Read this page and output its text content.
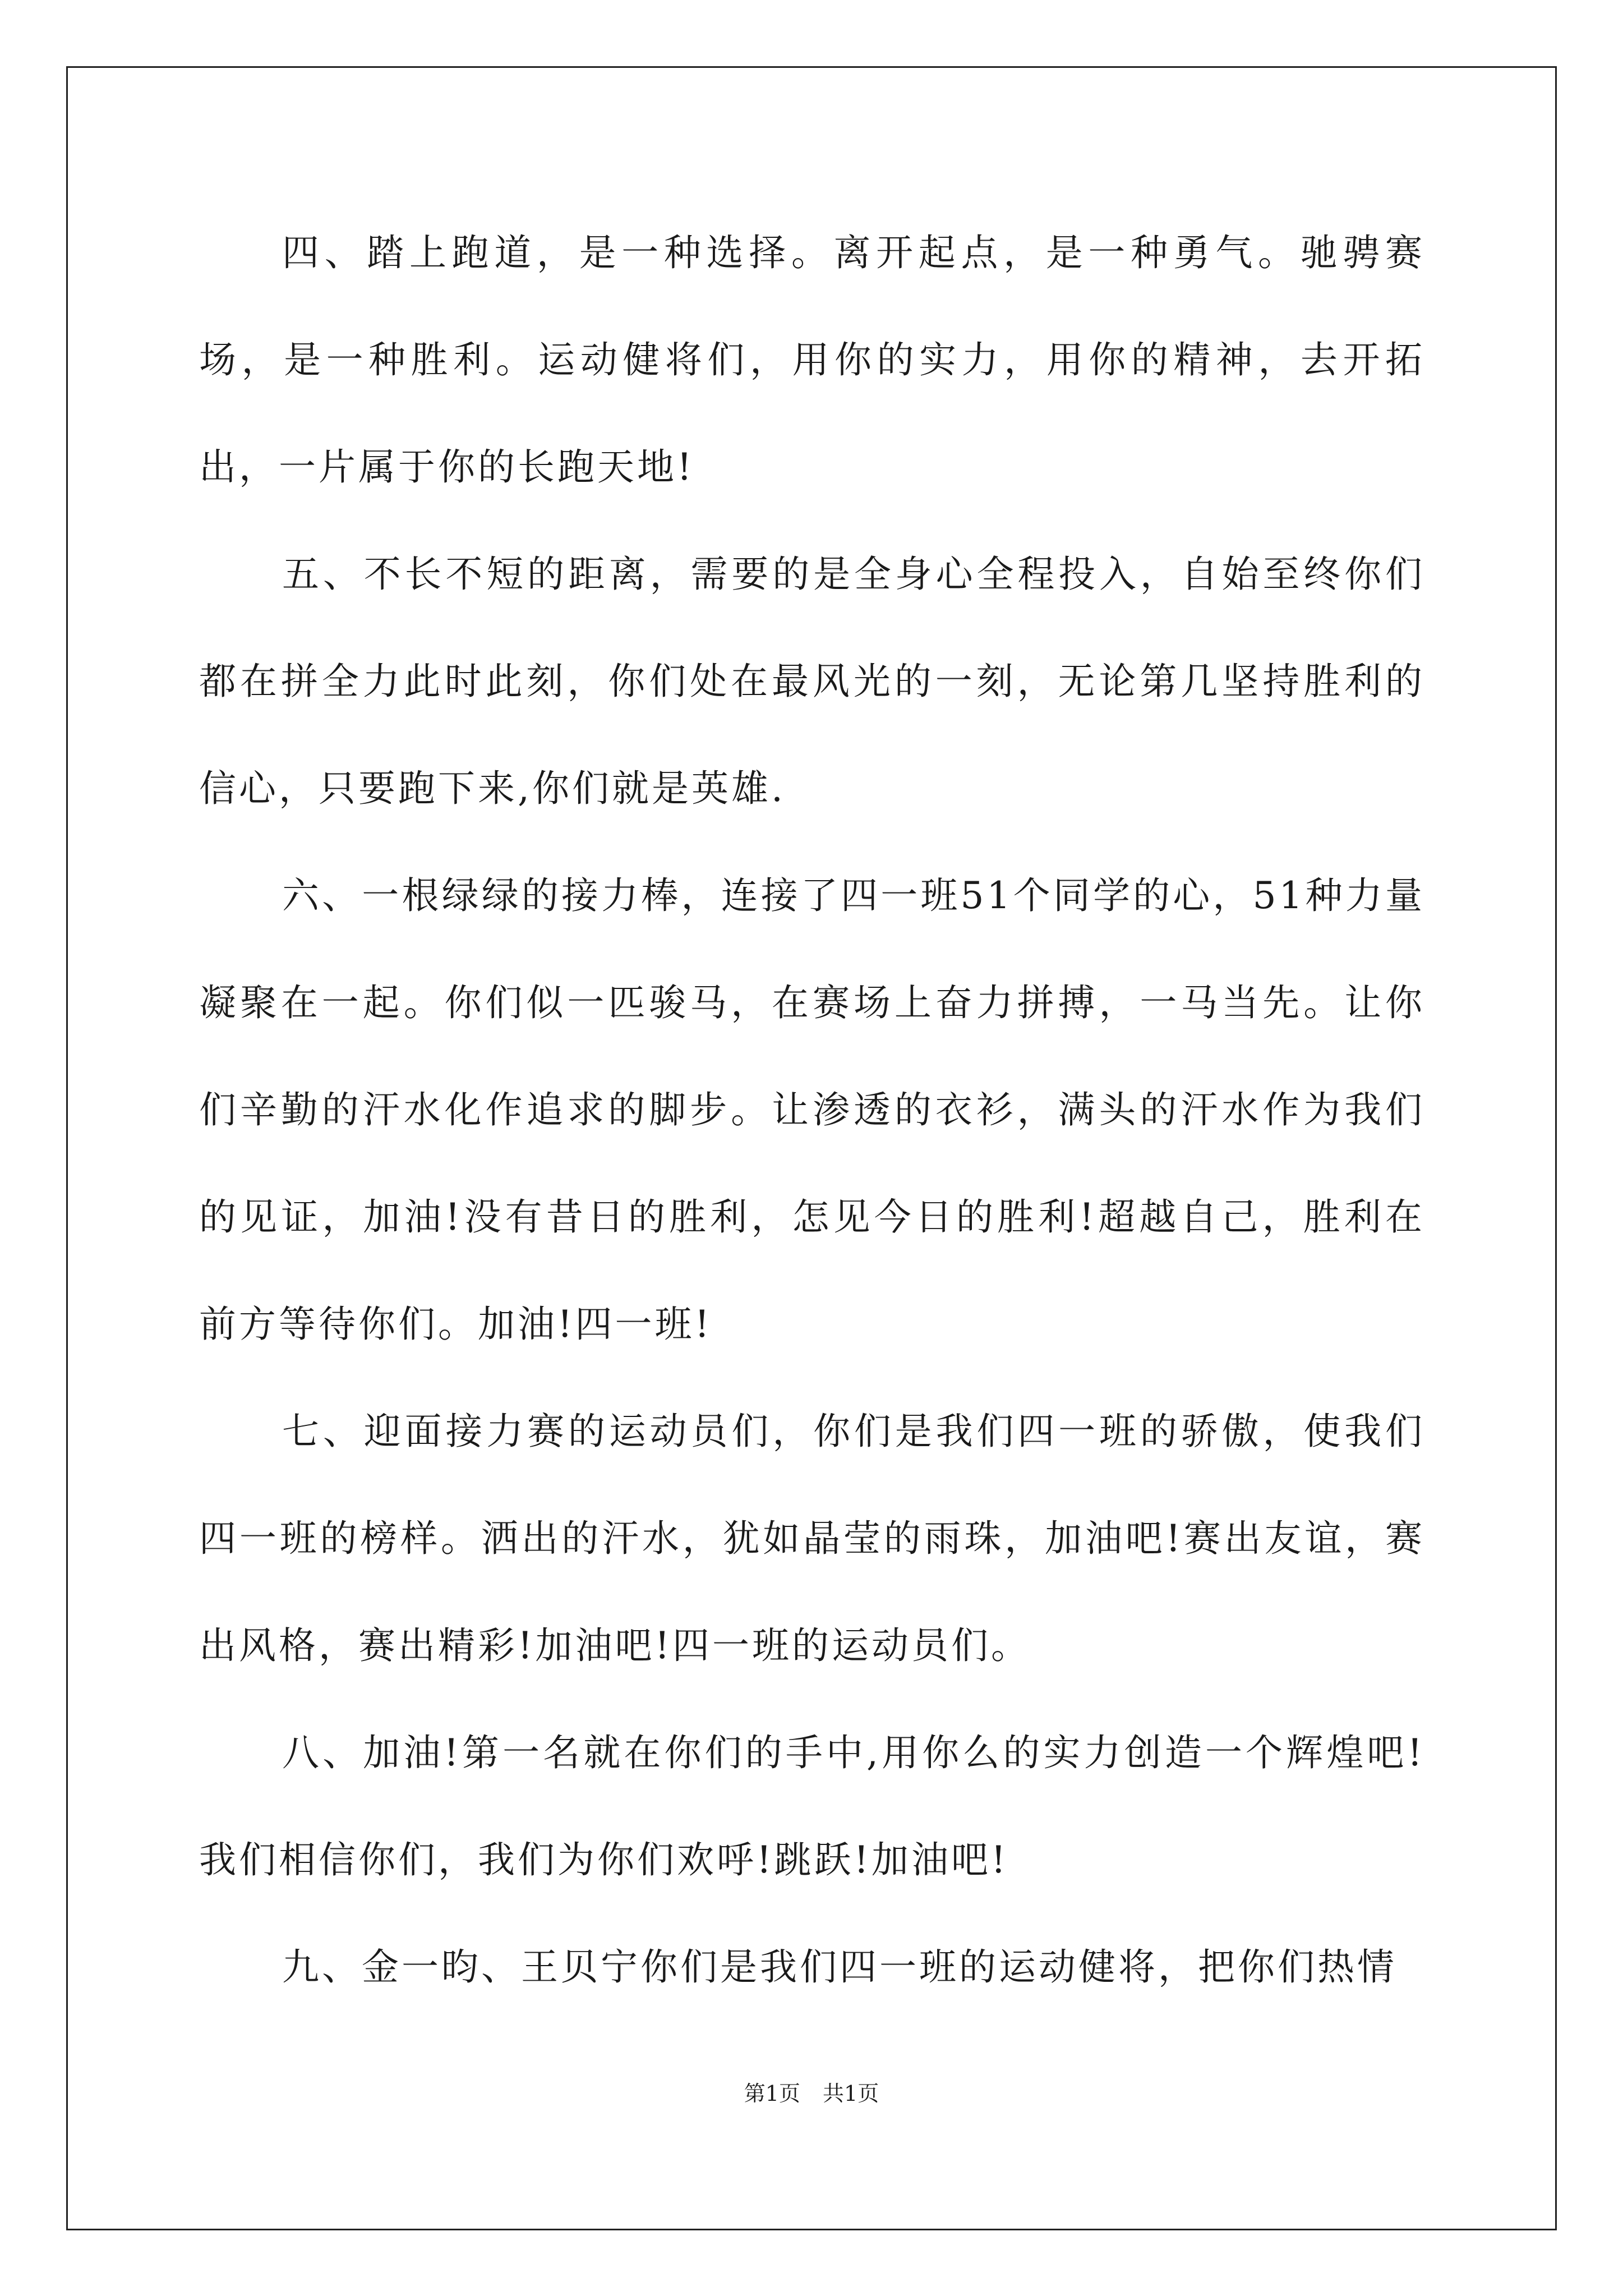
四、踏上跑道，是一种选择。离开起点，是一种勇气。驰骋赛场，是一种胜利。运动健将们，用你的实力，用你的精神，去开拓出，一片属于你的长跑天地!

五、不长不短的距离，需要的是全身心全程投入，自始至终你们都在拼全力此时此刻，你们处在最风光的一刻，无论第几坚持胜利的信心，只要跑下来,你们就是英雄.

六、一根绿绿的接力棒，连接了四一班51个同学的心，51种力量凝聚在一起。你们似一匹骏马，在赛场上奋力拼搏，一马当先。让你们辛勤的汗水化作追求的脚步。让渗透的衣衫，满头的汗水作为我们的见证，加油!没有昔日的胜利，怎见今日的胜利!超越自己，胜利在前方等待你们。加油!四一班!

七、迎面接力赛的运动员们，你们是我们四一班的骄傲，使我们四一班的榜样。洒出的汗水，犹如晶莹的雨珠，加油吧!赛出友谊，赛出风格，赛出精彩!加油吧!四一班的运动员们。

八、加油!第一名就在你们的手中,用你么的实力创造一个辉煌吧!我们相信你们，我们为你们欢呼!跳跃!加油吧!

九、金一昀、王贝宁你们是我们四一班的运动健将，把你们热情

第1页 共1页
